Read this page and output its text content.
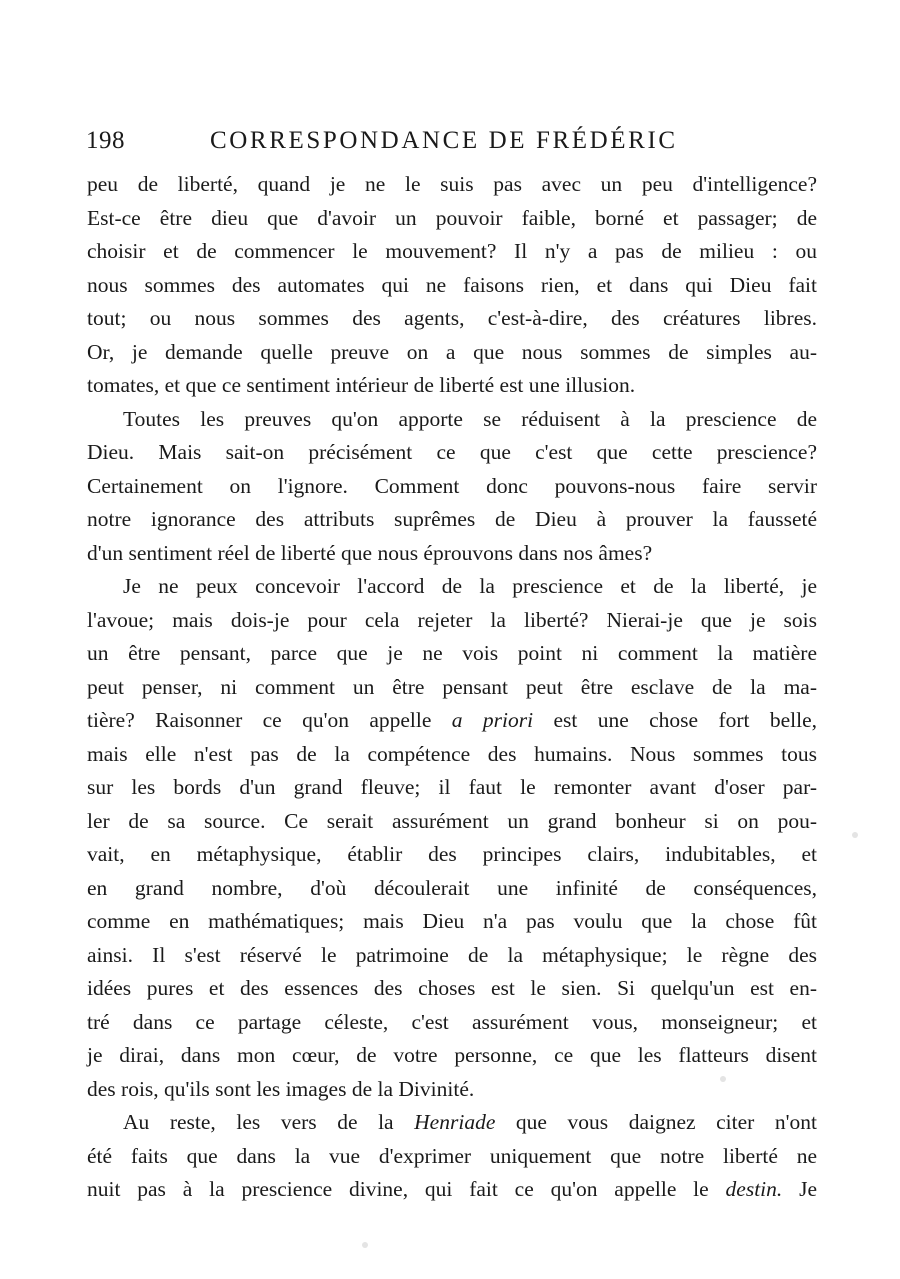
198	CORRESPONDANCE DE FRÉDÉRIC
peu de liberté, quand je ne le suis pas avec un peu d'intelligence?
Est-ce être dieu que d'avoir un pouvoir faible, borné et passager; de
choisir et de commencer le mouvement? Il n'y a pas de milieu : ou
nous sommes des automates qui ne faisons rien, et dans qui Dieu fait
tout; ou nous sommes des agents, c'est-à-dire, des créatures libres.
Or, je demande quelle preuve on a que nous sommes de simples au-
tomates, et que ce sentiment intérieur de liberté est une illusion.
Toutes les preuves qu'on apporte se réduisent à la prescience de
Dieu. Mais sait-on précisément ce que c'est que cette prescience?
Certainement on l'ignore. Comment donc pouvons-nous faire servir
notre ignorance des attributs suprêmes de Dieu à prouver la fausseté
d'un sentiment réel de liberté que nous éprouvons dans nos âmes?
Je ne peux concevoir l'accord de la prescience et de la liberté, je
l'avoue; mais dois-je pour cela rejeter la liberté? Nierai-je que je sois
un être pensant, parce que je ne vois point ni comment la matière
peut penser, ni comment un être pensant peut être esclave de la ma-
tière? Raisonner ce qu'on appelle a priori est une chose fort belle,
mais elle n'est pas de la compétence des humains. Nous sommes tous
sur les bords d'un grand fleuve; il faut le remonter avant d'oser par-
ler de sa source. Ce serait assurément un grand bonheur si on pou-
vait, en métaphysique, établir des principes clairs, indubitables, et
en grand nombre, d'où découlerait une infinité de conséquences,
comme en mathématiques; mais Dieu n'a pas voulu que la chose fût
ainsi. Il s'est réservé le patrimoine de la métaphysique; le règne des
idées pures et des essences des choses est le sien. Si quelqu'un est en-
tré dans ce partage céleste, c'est assurément vous, monseigneur; et
je dirai, dans mon cœur, de votre personne, ce que les flatteurs disent
des rois, qu'ils sont les images de la Divinité.
Au reste, les vers de la Henriade que vous daignez citer n'ont
été faits que dans la vue d'exprimer uniquement que notre liberté ne
nuit pas à la prescience divine, qui fait ce qu'on appelle le destin. Je
